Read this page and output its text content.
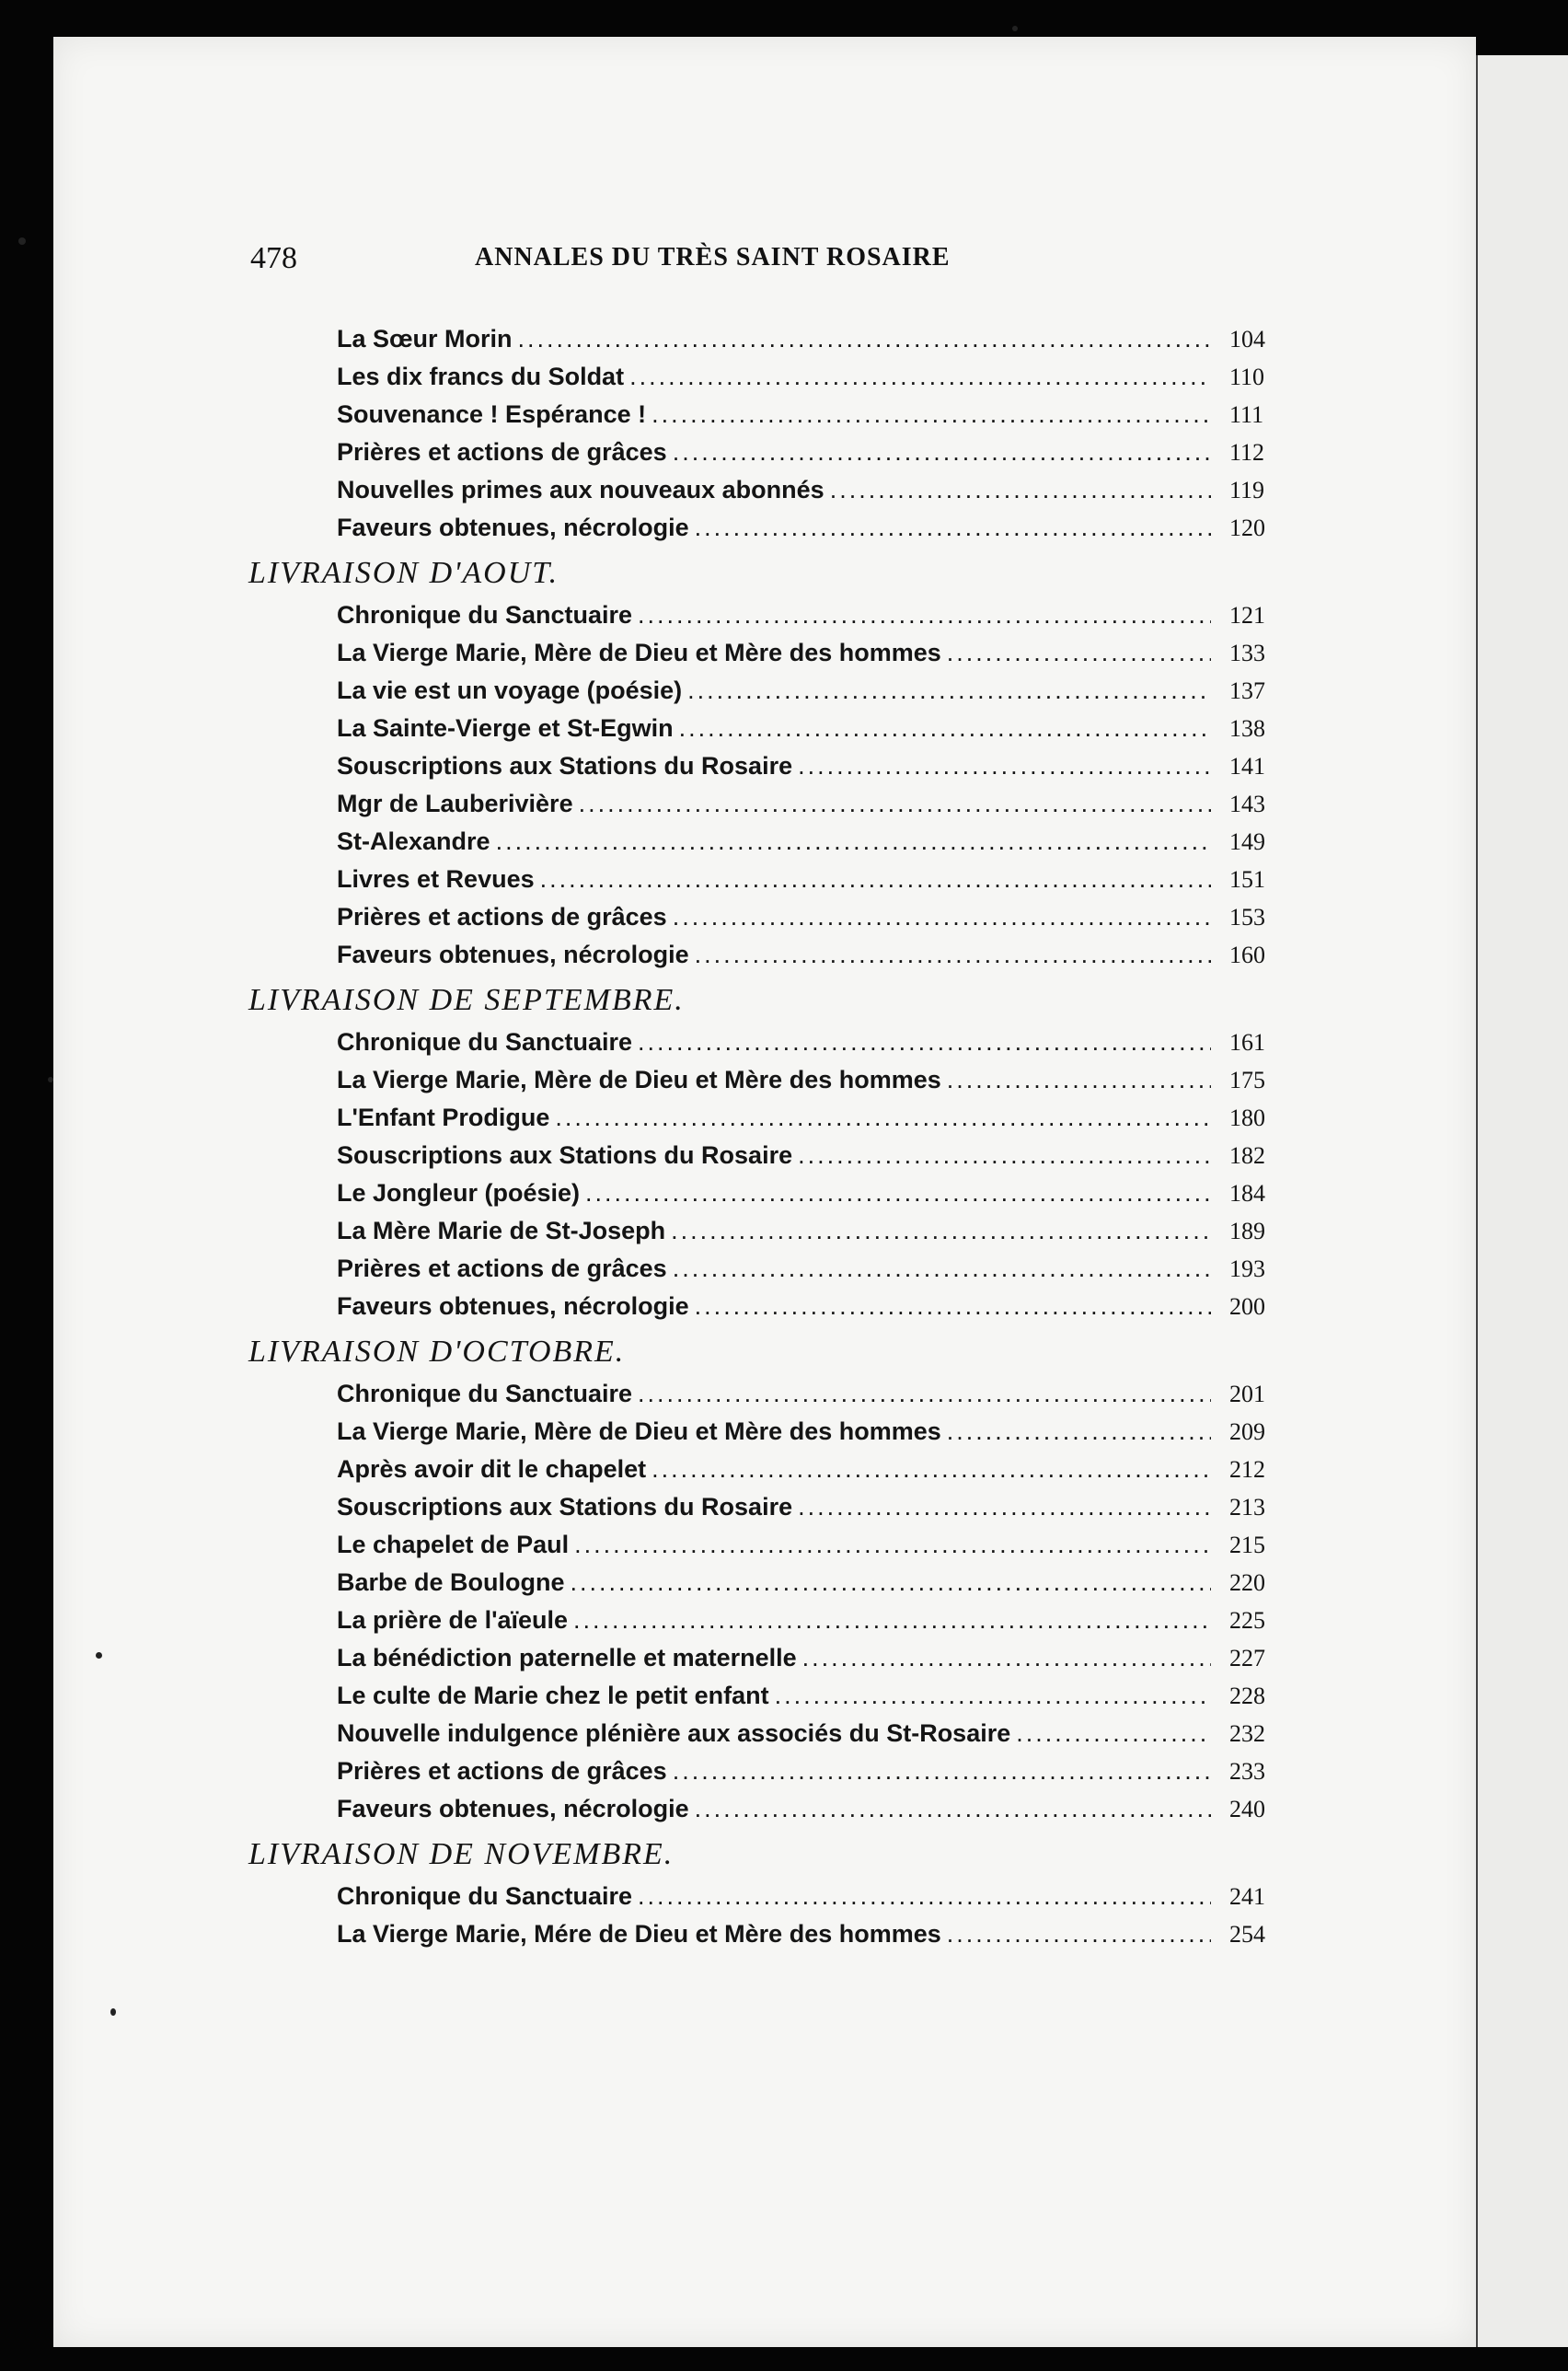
478	ANNALES DU TRÈS SAINT ROSAIRE
La Sœur Morin .....	104
Les dix francs du Soldat .....	110
Souvenance ! Espérance ! .....	111
Prières et actions de grâces .....	112
Nouvelles primes aux nouveaux abonnés .....	119
Faveurs obtenues, nécrologie .....	120
LIVRAISON D'AOUT.
Chronique du Sanctuaire .....	121
La Vierge Marie, Mère de Dieu et Mère des hommes .....	133
La vie est un voyage (poésie) .....	137
La Sainte-Vierge et St-Egwin .....	138
Souscriptions aux Stations du Rosaire .....	141
Mgr de Lauberivière .....	143
St-Alexandre .....	149
Livres et Revues .....	151
Prières et actions de grâces .....	153
Faveurs obtenues, nécrologie .....	160
LIVRAISON DE SEPTEMBRE.
Chronique du Sanctuaire .....	161
La Vierge Marie, Mère de Dieu et Mère des hommes .....	175
L'Enfant Prodigue .....	180
Souscriptions aux Stations du Rosaire .....	182
Le Jongleur (poésie) .....	184
La Mère Marie de St-Joseph .....	189
Prières et actions de grâces .....	193
Faveurs obtenues, nécrologie .....	200
LIVRAISON D'OCTOBRE.
Chronique du Sanctuaire .....	201
La Vierge Marie, Mère de Dieu et Mère des hommes .....	209
Après avoir dit le chapelet .....	212
Souscriptions aux Stations du Rosaire .....	213
Le chapelet de Paul .....	215
Barbe de Boulogne .....	220
La prière de l'aïeule .....	225
La bénédiction paternelle et maternelle .....	227
Le culte de Marie chez le petit enfant .....	228
Nouvelle indulgence plénière aux associés du St-Rosaire .....	232
Prières et actions de grâces .....	233
Faveurs obtenues, nécrologie .....	240
LIVRAISON DE NOVEMBRE.
Chronique du Sanctuaire .....	241
La Vierge Marie, Mére de Dieu et Mère des hommes .....	254
